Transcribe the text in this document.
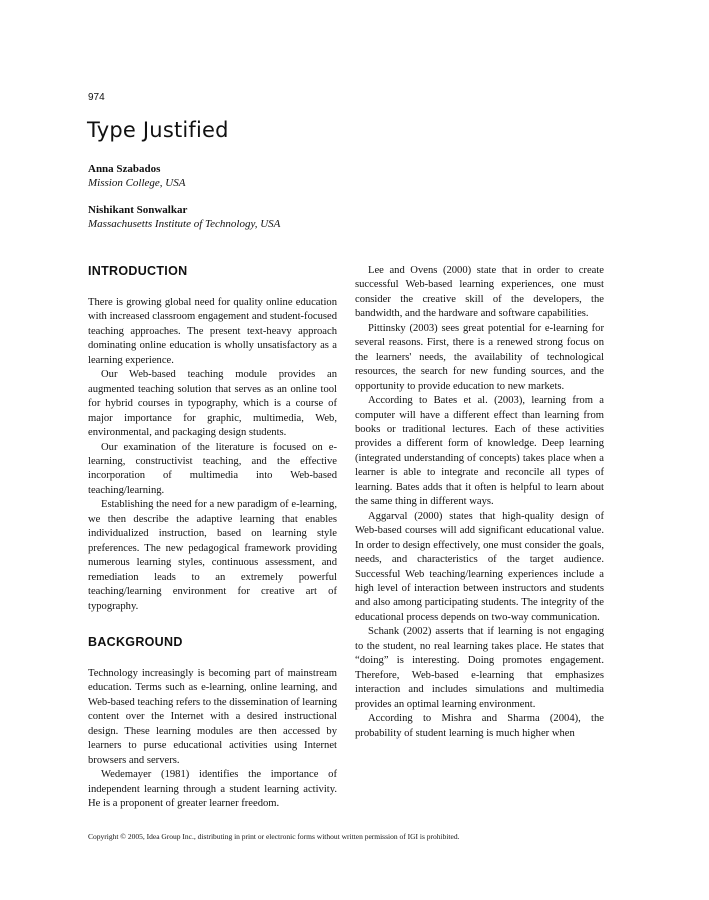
974
Type Justified
Anna Szabados
Mission College, USA
Nishikant Sonwalkar
Massachusetts Institute of Technology, USA
INTRODUCTION

There is growing global need for quality online education with increased classroom engagement and student-focused teaching approaches. The present text-heavy approach dominating online education is wholly unsatisfactory as a learning experience.

Our Web-based teaching module provides an augmented teaching solution that serves as an online tool for hybrid courses in typography, which is a course of major importance for graphic, multimedia, Web, environmental, and packaging design students.

Our examination of the literature is focused on e-learning, constructivist teaching, and the effective incorporation of multimedia into Web-based teaching/learning.

Establishing the need for a new paradigm of e-learning, we then describe the adaptive learning that enables individualized instruction, based on learning style preferences. The new pedagogical framework providing numerous learning styles, continuous assessment, and remediation leads to an extremely powerful teaching/learning environment for creative art of typography.

BACKGROUND

Technology increasingly is becoming part of mainstream education. Terms such as e-learning, online learning, and Web-based teaching refers to the dissemination of learning content over the Internet with a desired instructional design. These learning modules are then accessed by learners to purse educational activities using Internet browsers and servers.

Wedemayer (1981) identifies the importance of independent learning through a student learning activity. He is a proponent of greater learner freedom.

Lee and Ovens (2000) state that in order to create successful Web-based learning experiences, one must consider the creative skill of the developers, the bandwidth, and the hardware and software capabilities.

Pittinsky (2003) sees great potential for e-learning for several reasons. First, there is a renewed strong focus on the learners' needs, the availability of technological resources, the search for new funding sources, and the opportunity to provide education to new markets.

According to Bates et al. (2003), learning from a computer will have a different effect than learning from books or traditional lectures. Each of these activities provides a different form of knowledge. Deep learning (integrated understanding of concepts) takes place when a learner is able to integrate and reconcile all types of learning. Bates adds that it often is helpful to learn about the same thing in different ways.

Aggarval (2000) states that high-quality design of Web-based courses will add significant educational value. In order to design effectively, one must consider the goals, needs, and characteristics of the target audience. Successful Web teaching/learning experiences include a high level of interaction between instructors and students and also among participating students. The integrity of the educational process depends on two-way communication.

Schank (2002) asserts that if learning is not engaging to the student, no real learning takes place. He states that “doing” is interesting. Doing promotes engagement. Therefore, Web-based e-learning that emphasizes interaction and includes simulations and multimedia provides an optimal learning environment.

According to Mishra and Sharma (2004), the probability of student learning is much higher when

Copyright © 2005, Idea Group Inc., distributing in print or electronic forms without written permission of IGI is prohibited.
